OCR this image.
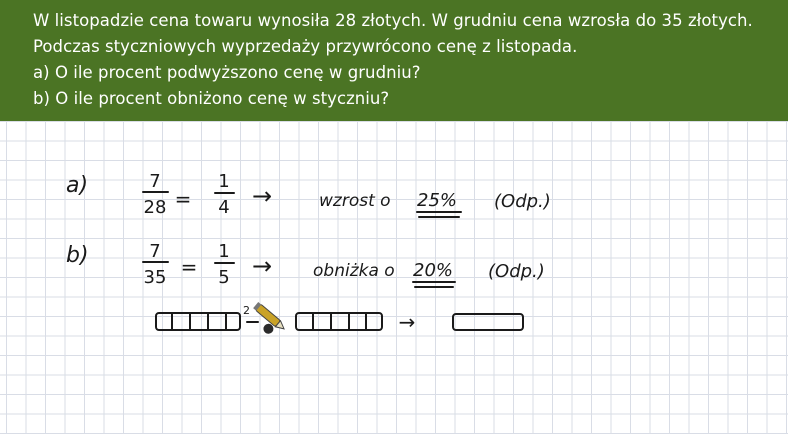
W listopadzie cena towaru wynosiła 28 złotych. W grudniu cena wzrosła do 35 złotych.

Podczas styczniowych wyprzedaży przywrócono cenę z listopada.

a) O ile procent podwyższono cenę w grudniu?

b) O ile procent obniżono cenę w styczniu?

a)	7
28 =
1
4 →	wzrost o 25% (Odp.)
b)	7
35 =
1
5 → obniżka o 20% (Odp.)
2	→
